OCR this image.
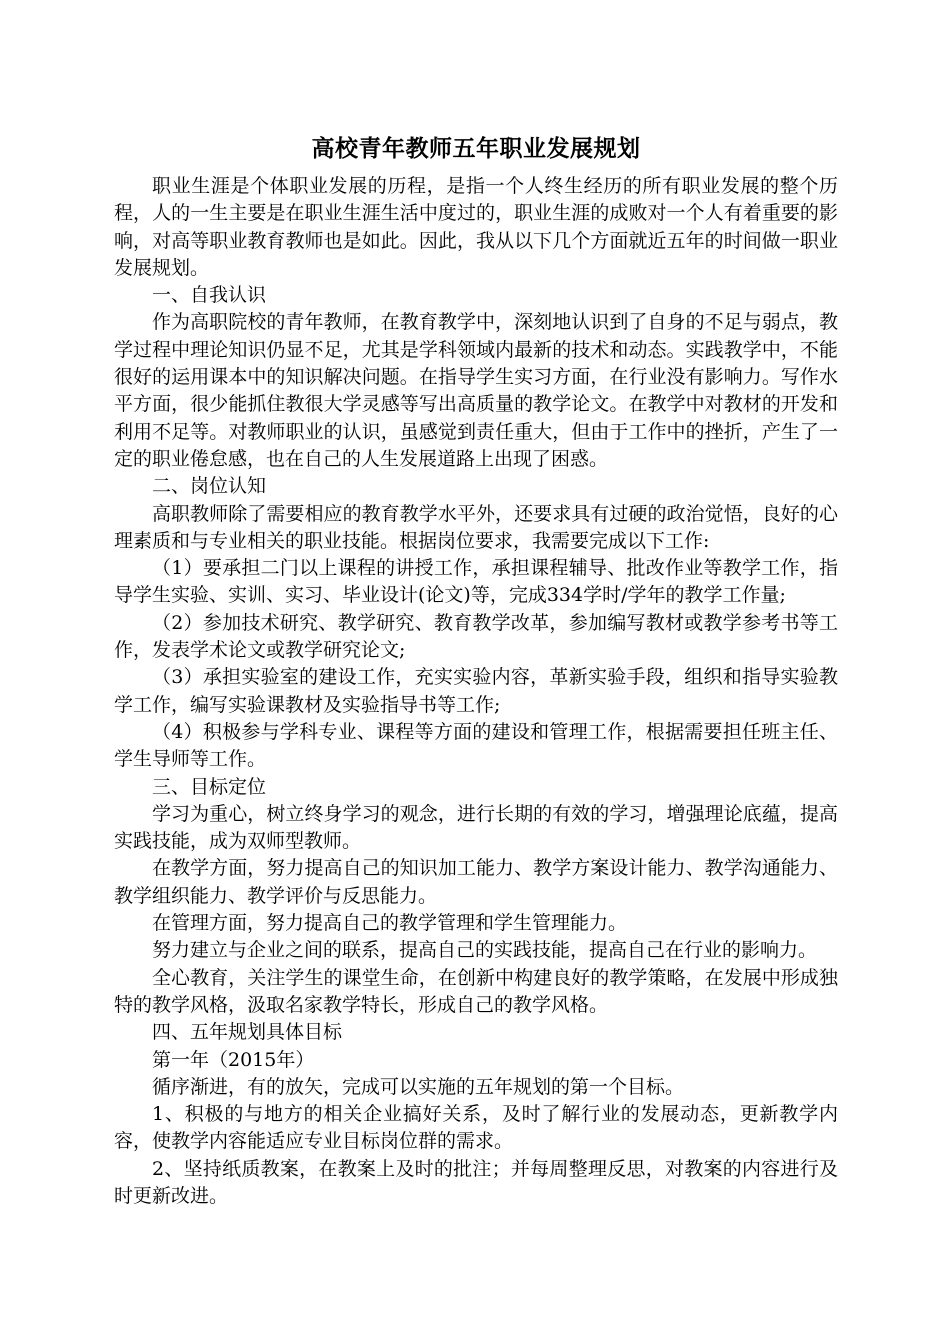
高校青年教师五年职业发展规划

职业生涯是个体职业发展的历程，是指一个人终生经历的所有职业发展的整个历程，人的一生主要是在职业生涯生活中度过的，职业生涯的成败对一个人有着重要的影响，对高等职业教育教师也是如此。因此，我从以下几个方面就近五年的时间做一职业发展规划。

一、自我认识

作为高职院校的青年教师，在教育教学中，深刻地认识到了自身的不足与弱点，教学过程中理论知识仍显不足，尤其是学科领域内最新的技术和动态。实践教学中，不能很好的运用课本中的知识解决问题。在指导学生实习方面，在行业没有影响力。写作水平方面，很少能抓住教很大学灵感等写出高质量的教学论文。在教学中对教材的开发和利用不足等。对教师职业的认识，虽感觉到责任重大，但由于工作中的挫折，产生了一定的职业倦怠感，也在自己的人生发展道路上出现了困惑。

二、岗位认知

高职教师除了需要相应的教育教学水平外，还要求具有过硬的政治觉悟，良好的心理素质和与专业相关的职业技能。根据岗位要求，我需要完成以下工作:

（1）要承担二门以上课程的讲授工作，承担课程辅导、批改作业等教学工作，指导学生实验、实训、实习、毕业设计(论文)等，完成334学时/学年的教学工作量;

（2）参加技术研究、教学研究、教育教学改革，参加编写教材或教学参考书等工作，发表学术论文或教学研究论文;

（3）承担实验室的建设工作，充实实验内容，革新实验手段，组织和指导实验教学工作，编写实验课教材及实验指导书等工作;

（4）积极参与学科专业、课程等方面的建设和管理工作，根据需要担任班主任、学生导师等工作。

三、目标定位

学习为重心，树立终身学习的观念，进行长期的有效的学习，增强理论底蕴，提高实践技能，成为双师型教师。

在教学方面，努力提高自己的知识加工能力、教学方案设计能力、教学沟通能力、教学组织能力、教学评价与反思能力。

在管理方面，努力提高自己的教学管理和学生管理能力。

努力建立与企业之间的联系，提高自己的实践技能，提高自己在行业的影响力。

全心教育，关注学生的课堂生命，在创新中构建良好的教学策略，在发展中形成独特的教学风格，汲取名家教学特长，形成自己的教学风格。

四、五年规划具体目标

第一年（2015年）

循序渐进，有的放矢，完成可以实施的五年规划的第一个目标。

1、积极的与地方的相关企业搞好关系，及时了解行业的发展动态，更新教学内容，使教学内容能适应专业目标岗位群的需求。

2、坚持纸质教案，在教案上及时的批注；并每周整理反思，对教案的内容进行及时更新改进。
